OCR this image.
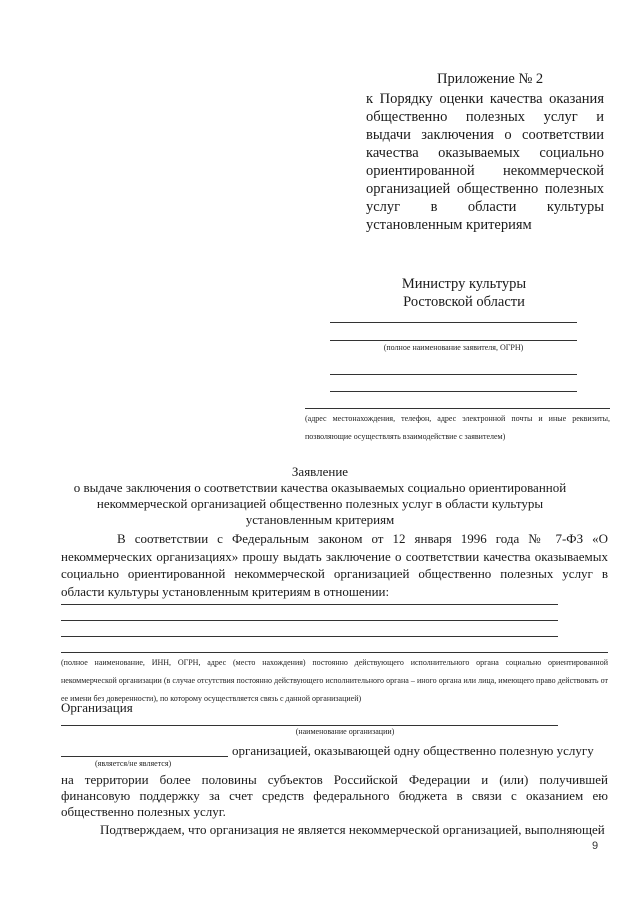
Приложение № 2
к Порядку оценки качества оказания общественно полезных услуг и выдачи заключения о соответствии качества оказываемых социально ориентированной некоммерческой организацией общественно полезных услуг в области культуры установленным критериям
Министру культуры
Ростовской области
(полное наименование заявителя, ОГРН)
(адрес местонахождения, телефон, адрес электронной почты и иные реквизиты, позволяющие осуществлять взаимодействие с заявителем)
Заявление
о выдаче заключения о соответствии качества оказываемых социально ориентированной некоммерческой организацией общественно полезных услуг в области культуры установленным критериям
В соответствии с Федеральным законом от 12 января 1996 года № 7-ФЗ «О некоммерческих организациях» прошу выдать заключение о соответствии качества оказываемых социально ориентированной некоммерческой организацией общественно полезных услуг в области культуры установленным критериям в отношении:
(полное наименование, ИНН, ОГРН, адрес (место нахождения) постоянно действующего исполнительного органа социально ориентированной некоммерческой организации (в случае отсутствия постоянно действующего исполнительного органа – иного органа или лица, имеющего право действовать от ее имени без доверенности), по которому осуществляется связь с данной организацией)
Организация
(наименование организации)
организацией, оказывающей одну общественно полезную услугу
(является/не является)
на территории более половины субъектов Российской Федерации и (или) получившей финансовую поддержку за счет средств федерального бюджета в связи с оказанием ею общественно полезных услуг.
Подтверждаем, что организация не является некоммерческой организацией, выполняющей
9
